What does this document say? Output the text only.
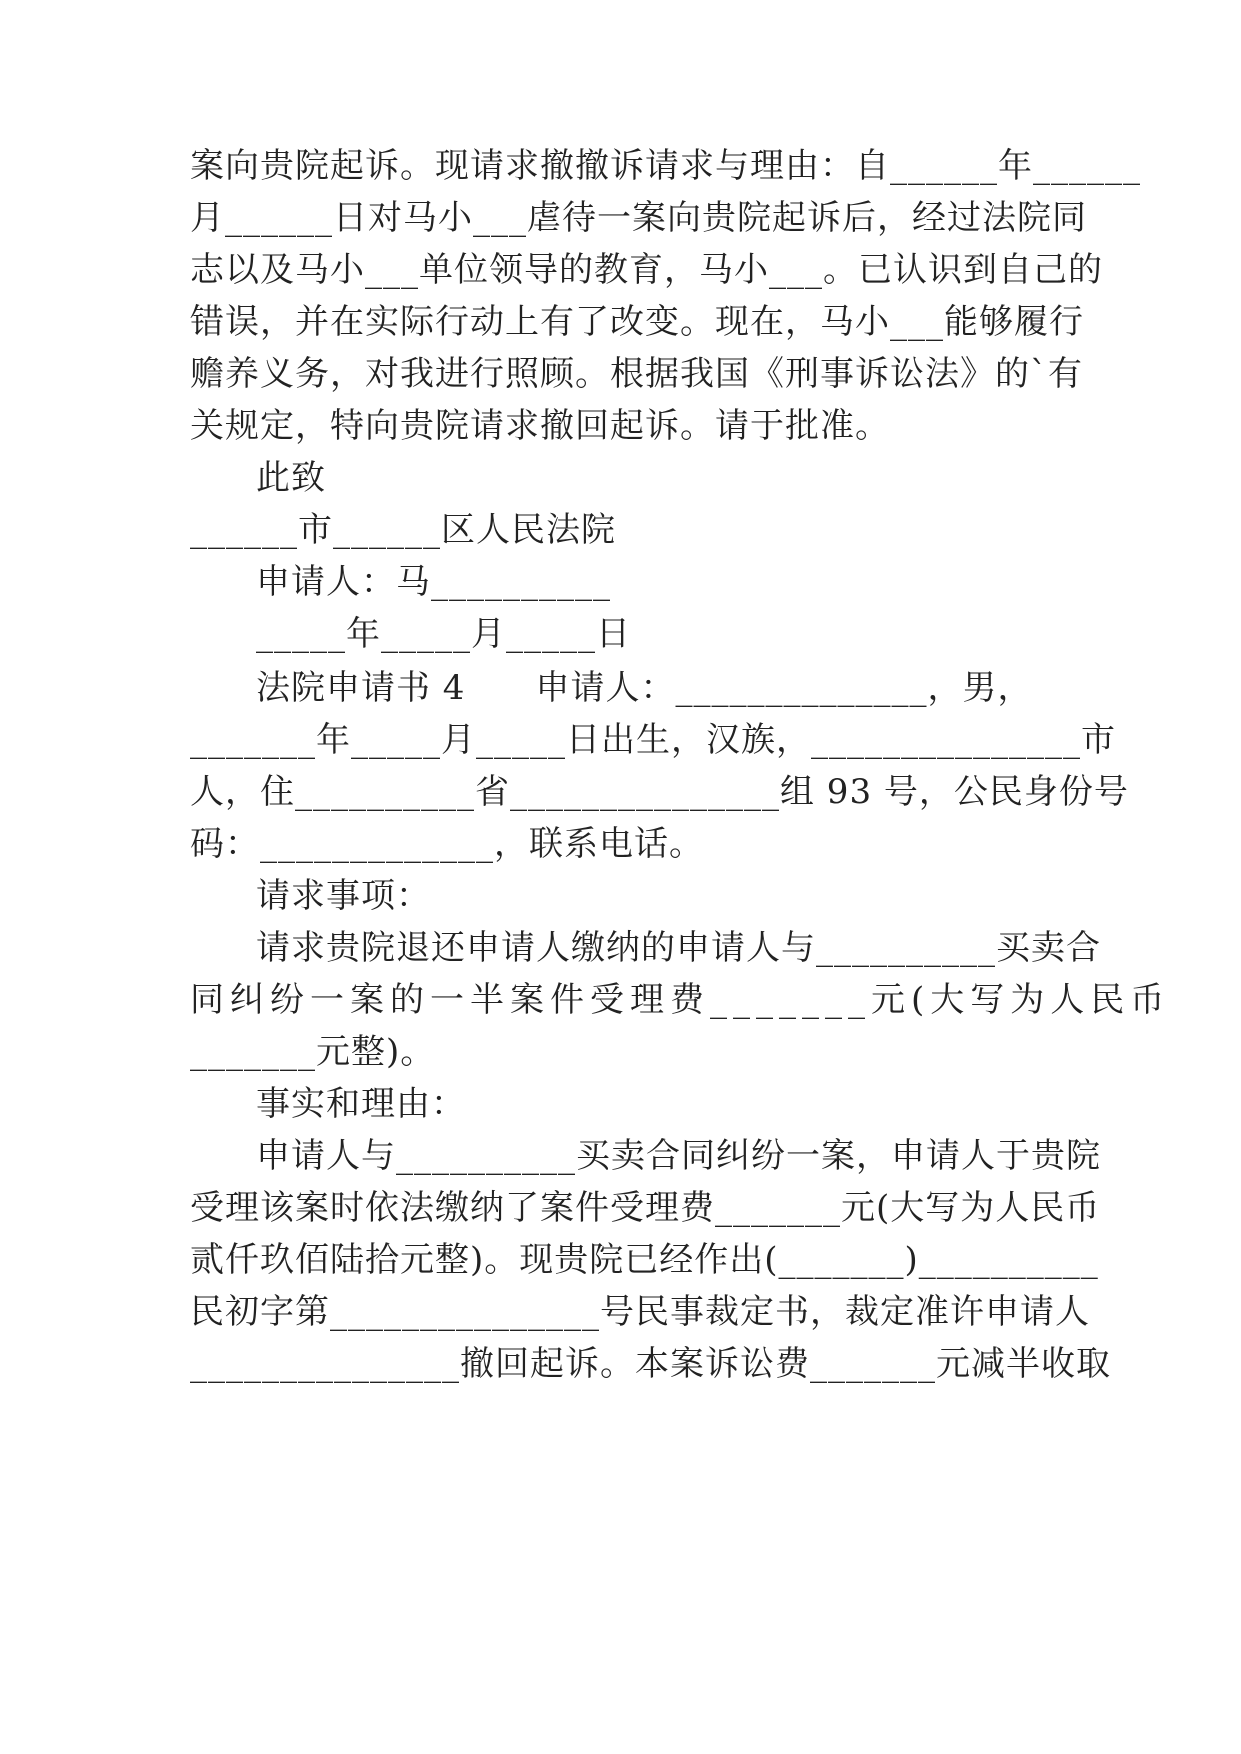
案向贵院起诉。现请求撤撤诉请求与理由：自______年______
月______日对马小___虐待一案向贵院起诉后，经过法院同
志以及马小___单位领导的教育，马小___。已认识到自己的
错误，并在实际行动上有了改变。现在，马小___能够履行
赡养义务，对我进行照顾。根据我国《刑事诉讼法》的`有
关规定，特向贵院请求撤回起诉。请于批准。
此致
______市______区人民法院
申请人：马__________
_____年_____月_____日
法院申请书 4　　申请人：______________，男，
_______年_____月_____日出生，汉族，_______________市
人，住__________省_______________组 93 号，公民身份号
码：_____________，联系电话。
请求事项：
请求贵院退还申请人缴纳的申请人与__________买卖合
同纠纷一案的一半案件受理费_______元(大写为人民币
_______元整)。
事实和理由：
申请人与__________买卖合同纠纷一案，申请人于贵院
受理该案时依法缴纳了案件受理费_______元(大写为人民币
贰仟玖佰陆拾元整)。现贵院已经作出(_______)__________
民初字第_______________号民事裁定书，裁定准许申请人
_______________撤回起诉。本案诉讼费_______元减半收取
